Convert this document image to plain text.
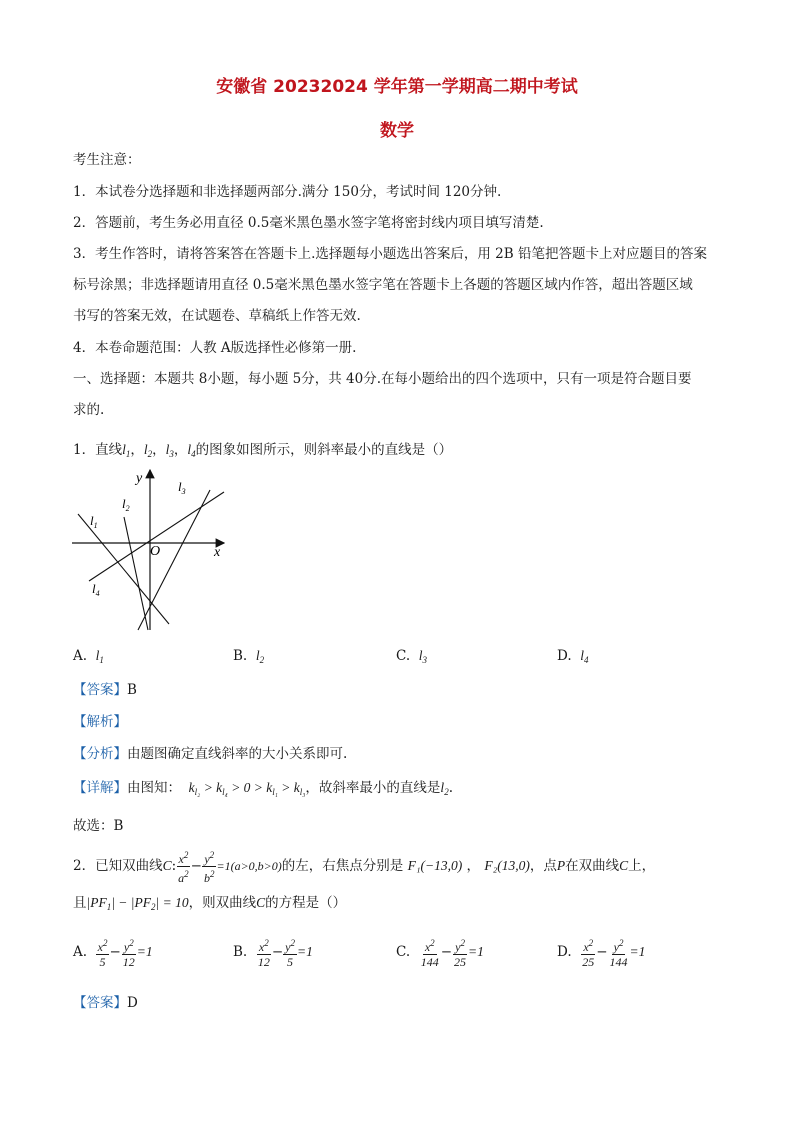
安徽省 20232024 学年第一学期高二期中考试
数学
考生注意：
1．本试卷分选择题和非选择题两部分.满分 150分，考试时间 120分钟.
2．答题前，考生务必用直径 0.5毫米黑色墨水签字笔将密封线内项目填写清楚.
3．考生作答时，请将答案答在答题卡上.选择题每小题选出答案后，用 2B 铅笔把答题卡上对应题目的答案
标号涂黑；非选择题请用直径 0.5毫米黑色墨水签字笔在答题卡上各题的答题区域内作答，超出答题区域
书写的答案无效，在试题卷、草稿纸上作答无效.
4．本卷命题范围：人教 A版选择性必修第一册.
一、选择题：本题共 8小题，每小题 5分，共 40分.在每小题给出的四个选项中，只有一项是符合题目要
求的.
1．直线$l_1$，$l_2$，$l_3$，$l_4$的图象如图所示，则斜率最小的直线是（）
y
x
O
$l_1$
$l_2$
$l_3$
$l_4$
A. $l_1$	B. $l_2$	C. $l_3$	D. $l_4$
【答案】B
【解析】
【分析】由题图确定直线斜率的大小关系即可.
【详解】由图知：  $k_{l_2} > k_{l_4} > 0 > k_{l_1} > k_{l_3}$，故斜率最小的直线是$l_2$.
故选：B
2．已知双曲线C: $\frac{x^2}{a^2} - \frac{y^2}{b^2} =1(a>0,b>0)$的左，右焦点分别是 F₁(−13,0) ， F₂(13,0)，点P在双曲线C上，
且$|PF_1| - |PF_2| = 10$，则双曲线C的方程是（）
A. $\frac{x^2}{5} - \frac{y^2}{12} =1$	B. $\frac{x^2}{12} - \frac{y^2}{5} =1$	C. $\frac{x^2}{144} - \frac{y^2}{25} =1$	D. $\frac{x^2}{25} - \frac{y^2}{144} =1$
【答案】D
